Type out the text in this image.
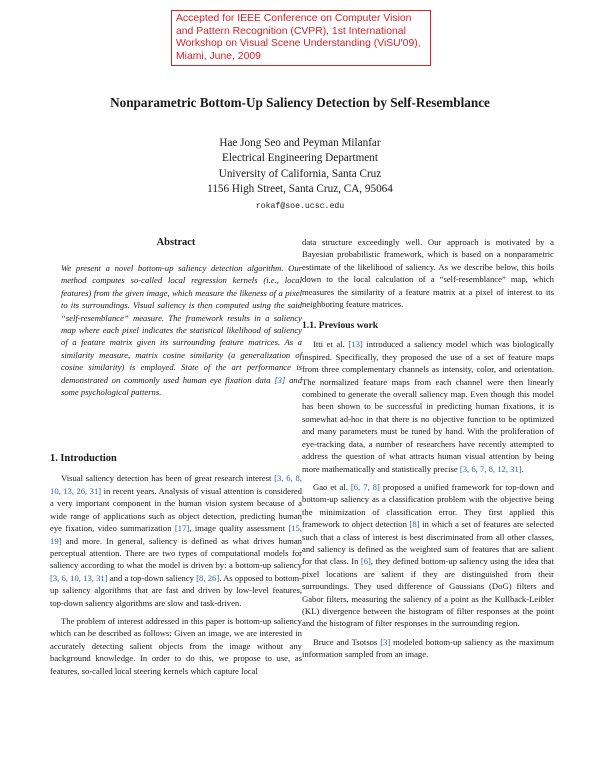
Accepted for IEEE Conference on Computer Vision and Pattern Recognition (CVPR), 1st International Workshop on Visual Scene Understanding (ViSU'09), Miami, June, 2009
Nonparametric Bottom-Up Saliency Detection by Self-Resemblance
Hae Jong Seo and Peyman Milanfar
Electrical Engineering Department
University of California, Santa Cruz
1156 High Street, Santa Cruz, CA, 95064
rokaf@soe.ucsc.edu
Abstract

We present a novel bottom-up saliency detection algorithm. Our method computes so-called local regression kernels (i.e., local features) from the given image, which measure the likeness of a pixel to its surroundings. Visual saliency is then computed using the said “self-resemblance” measure. The framework results in a saliency map where each pixel indicates the statistical likelihood of saliency of a feature matrix given its surrounding feature matrices. As a similarity measure, matrix cosine similarity (a generalization of cosine similarity) is employed. State of the art performance is demonstrated on commonly used human eye fixation data [3] and some psychological patterns.

1. Introduction

Visual saliency detection has been of great research interest [3, 6, 8, 10, 13, 26, 31] in recent years. Analysis of visual attention is considered a very important component in the human vision system because of a wide range of applications such as object detection, predicting human eye fixation, video summarization [17], image quality assessment [15, 19] and more. In general, saliency is defined as what drives human perceptual attention. There are two types of computational models for saliency according to what the model is driven by: a bottom-up saliency [3, 6, 10, 13, 31] and a top-down saliency [8, 26]. As opposed to bottom-up saliency algorithms that are fast and driven by low-level features, top-down saliency algorithms are slow and task-driven.

The problem of interest addressed in this paper is bottom-up saliency which can be described as follows: Given an image, we are interested in accurately detecting salient objects from the image without any background knowledge. In order to do this, we propose to use, as features, so-called local steering kernels which capture local

data structure exceedingly well. Our approach is motivated by a Bayesian probabilistic framework, which is based on a nonparametric estimate of the likelihood of saliency. As we describe below, this boils down to the local calculation of a “self-resemblance” map, which measures the similarity of a feature matrix at a pixel of interest to its neighboring feature matrices.

1.1. Previous work

Itti et al. [13] introduced a saliency model which was biologically inspired. Specifically, they proposed the use of a set of feature maps from three complementary channels as intensity, color, and orientation. The normalized feature maps from each channel were then linearly combined to generate the overall saliency map. Even though this model has been shown to be successful in predicting human fixations, it is somewhat ad-hoc in that there is no objective function to be optimized and many parameters must be tuned by hand. With the proliferation of eye-tracking data, a number of researchers have recently attempted to address the question of what attracts human visual attention by being more mathematically and statistically precise [3, 6, 7, 8, 12, 31].

Gao et al. [6, 7, 8] proposed a unified framework for top-down and bottom-up saliency as a classification problem with the objective being the minimization of classification error. They first applied this framework to object detection [8] in which a set of features are selected such that a class of interest is best discriminated from all other classes, and saliency is defined as the weighted sum of features that are salient for that class. In [6], they defined bottom-up saliency using the idea that pixel locations are salient if they are distinguished from their surroundings. They used difference of Gaussians (DoG) filters and Gabor filters, measuring the saliency of a point as the Kullback-Leibler (KL) divergence between the histogram of filter responses at the point and the histogram of filter responses in the surrounding region.

Bruce and Tsotsos [3] modeled bottom-up saliency as the maximum information sampled from an image.
